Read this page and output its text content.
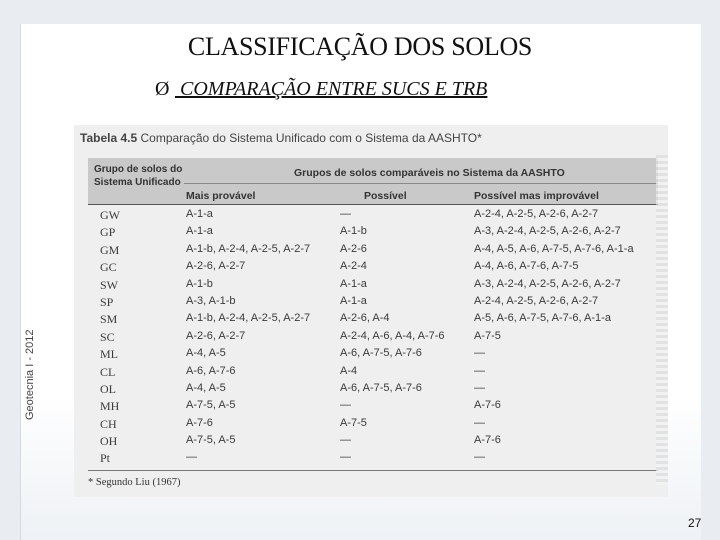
CLASSIFICAÇÃO DOS SOLOS
Ø COMPARAÇÃO ENTRE SUCS E TRB
Geotecnia I - 2012
Tabela 4.5 Comparação do Sistema Unificado com o Sistema da AASHTO*
Grupo de solos do Sistema Unificado
Grupos de solos comparáveis no Sistema da AASHTO
Mais provável	Possível	Possível mas improvável
GW	A-1-a	—	A-2-4, A-2-5, A-2-6, A-2-7
GP	A-1-a	A-1-b	A-3, A-2-4, A-2-5, A-2-6, A-2-7
GM	A-1-b, A-2-4, A-2-5, A-2-7	A-2-6	A-4, A-5, A-6, A-7-5, A-7-6, A-1-a
GC	A-2-6, A-2-7	A-2-4	A-4, A-6, A-7-6, A-7-5
SW	A-1-b	A-1-a	A-3, A-2-4, A-2-5, A-2-6, A-2-7
SP	A-3, A-1-b	A-1-a	A-2-4, A-2-5, A-2-6, A-2-7
SM	A-1-b, A-2-4, A-2-5, A-2-7	A-2-6, A-4	A-5, A-6, A-7-5, A-7-6, A-1-a
SC	A-2-6, A-2-7	A-2-4, A-6, A-4, A-7-6	A-7-5
ML	A-4, A-5	A-6, A-7-5, A-7-6	—
CL	A-6, A-7-6	A-4	—
OL	A-4, A-5	A-6, A-7-5, A-7-6	—
MH	A-7-5, A-5	—	A-7-6
CH	A-7-6	A-7-5	—
OH	A-7-5, A-5	—	A-7-6
Pt	—	—	—
* Segundo Liu (1967)
27
